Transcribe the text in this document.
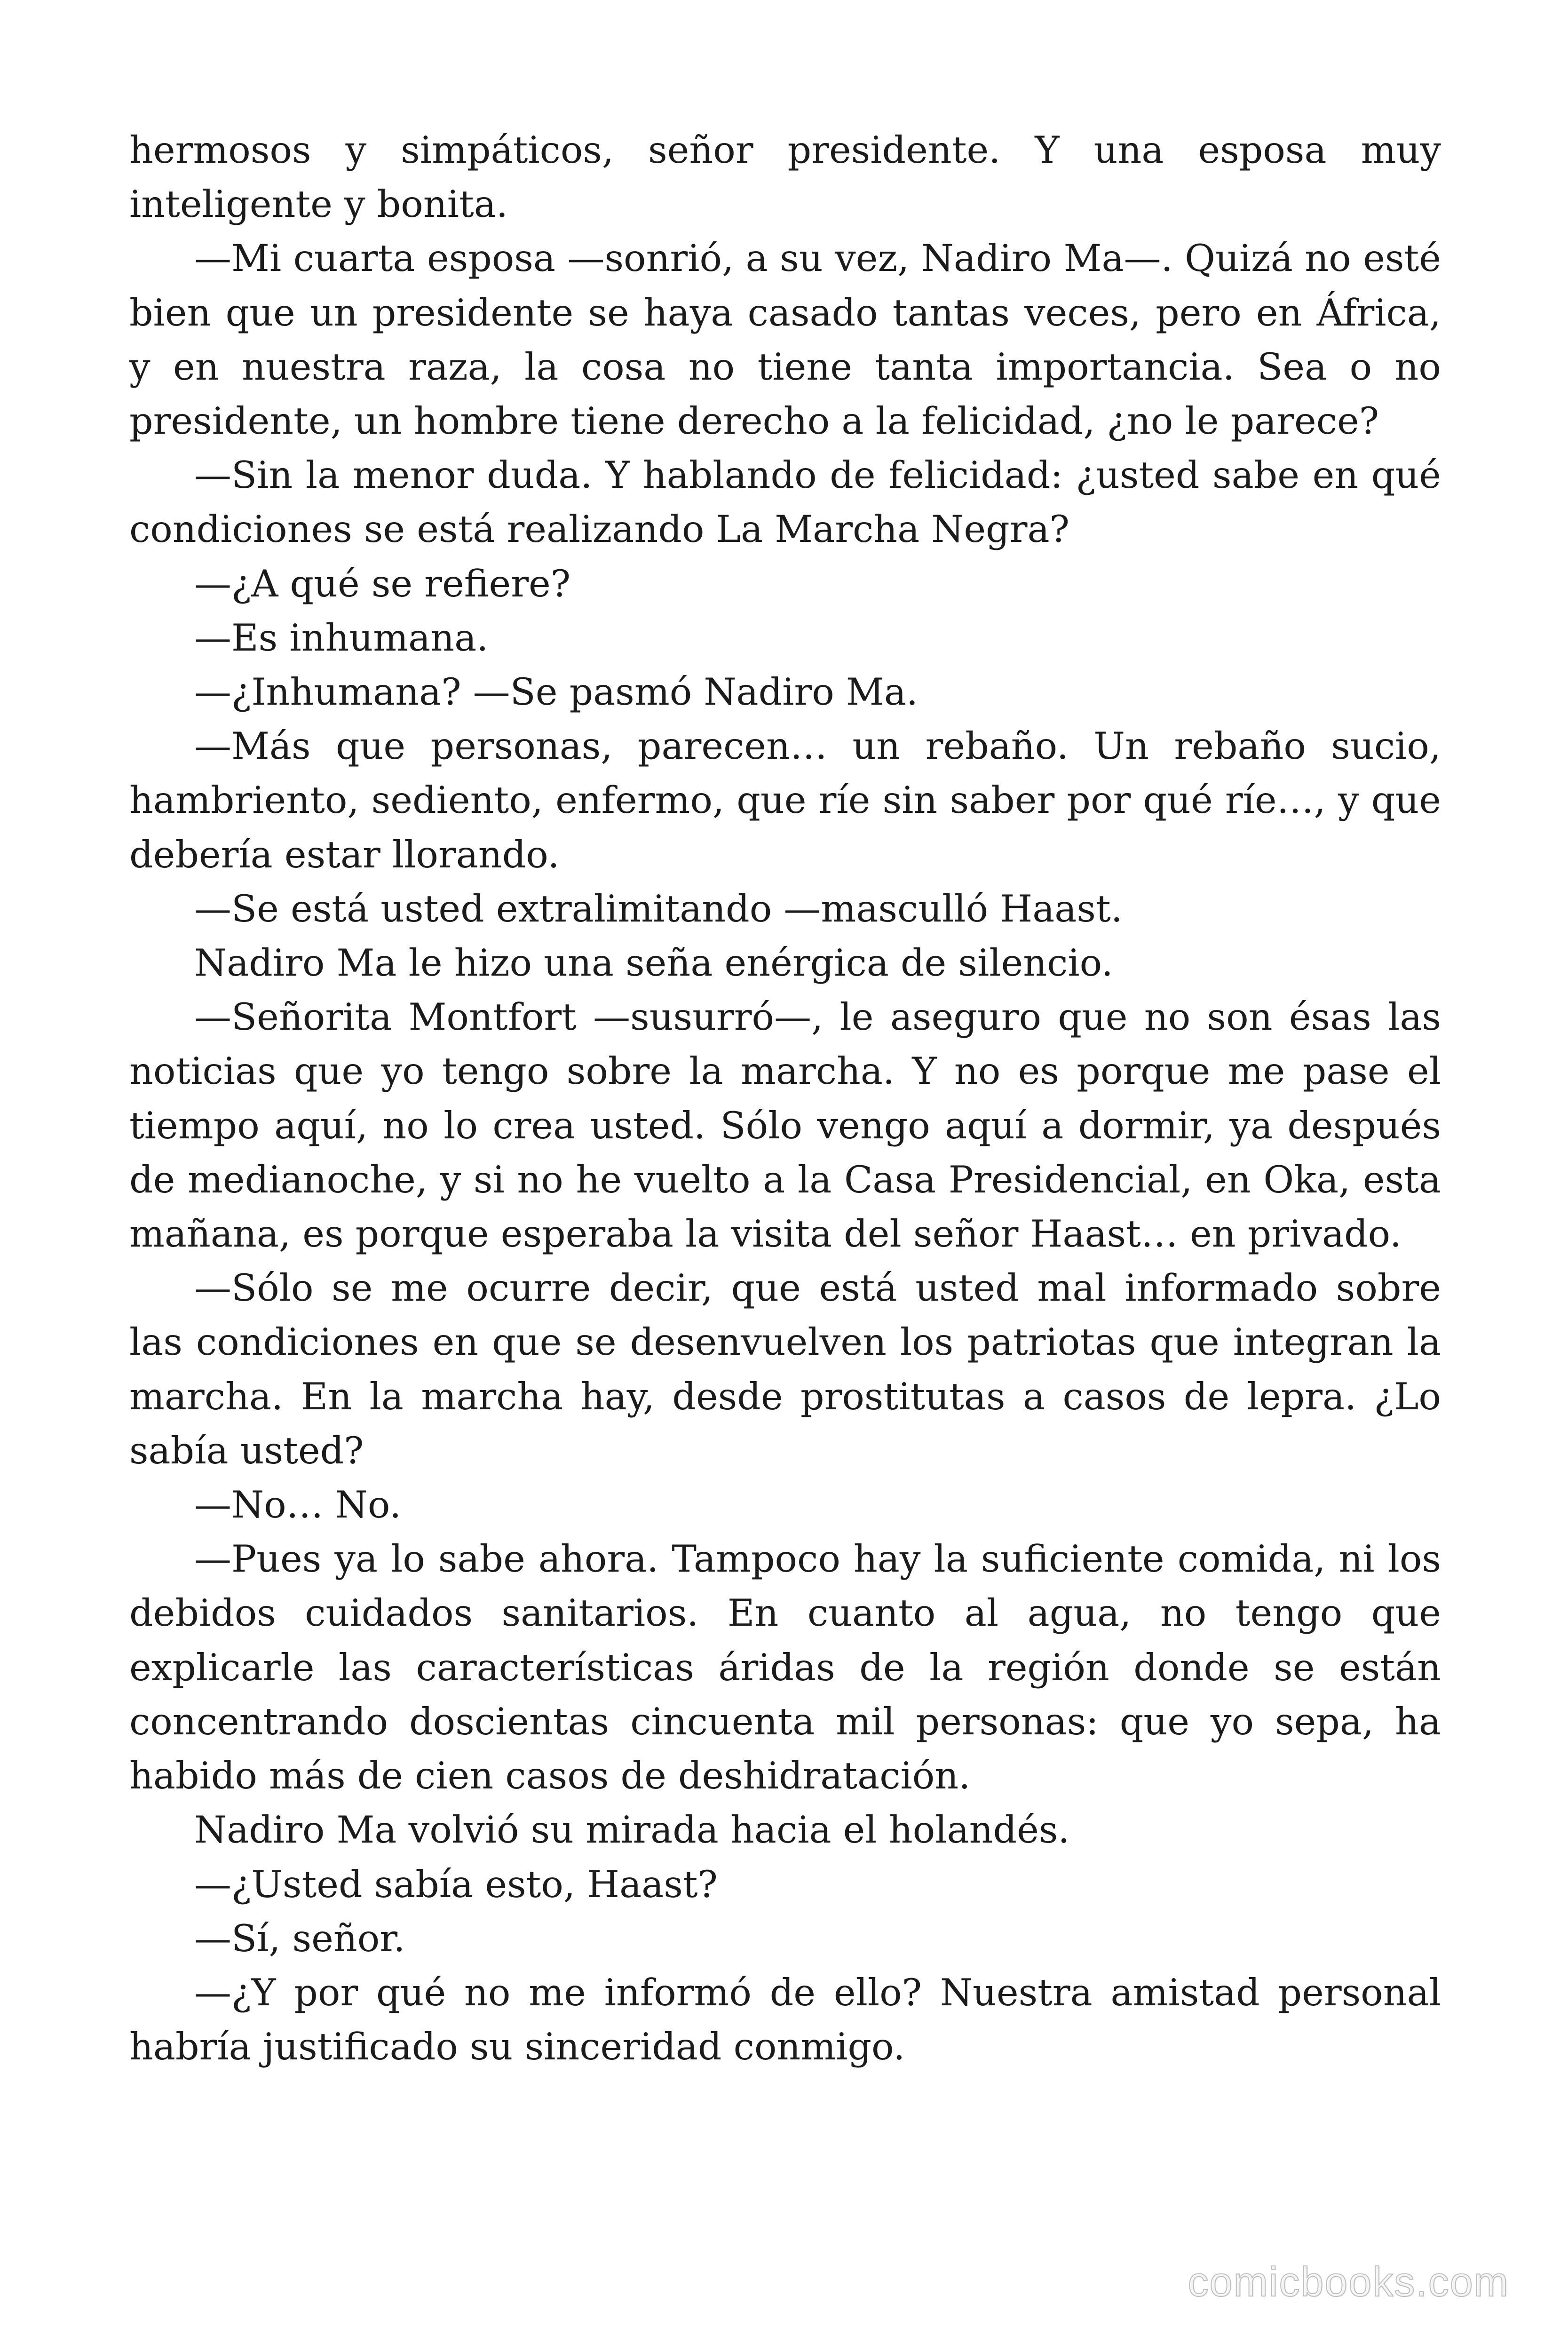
hermosos y simpáticos, señor presidente. Y una esposa muy inteligente y bonita.

—Mi cuarta esposa —sonrió, a su vez, Nadiro Ma—. Quizá no esté bien que un presidente se haya casado tantas veces, pero en África, y en nuestra raza, la cosa no tiene tanta importancia. Sea o no presidente, un hombre tiene derecho a la felicidad, ¿no le parece?

—Sin la menor duda. Y hablando de felicidad: ¿usted sabe en qué condiciones se está realizando La Marcha Negra?

—¿A qué se refiere?

—Es inhumana.

—¿Inhumana? —Se pasmó Nadiro Ma.

—Más que personas, parecen… un rebaño. Un rebaño sucio, hambriento, sediento, enfermo, que ríe sin saber por qué ríe…, y que debería estar llorando.

—Se está usted extralimitando —masculló Haast.

Nadiro Ma le hizo una seña enérgica de silencio.

—Señorita Montfort —susurró—, le aseguro que no son ésas las noticias que yo tengo sobre la marcha. Y no es porque me pase el tiempo aquí, no lo crea usted. Sólo vengo aquí a dormir, ya después de medianoche, y si no he vuelto a la Casa Presidencial, en Oka, esta mañana, es porque esperaba la visita del señor Haast… en privado.

—Sólo se me ocurre decir, que está usted mal informado sobre las condiciones en que se desenvuelven los patriotas que integran la marcha. En la marcha hay, desde prostitutas a casos de lepra. ¿Lo sabía usted?

—No… No.

—Pues ya lo sabe ahora. Tampoco hay la suficiente comida, ni los debidos cuidados sanitarios. En cuanto al agua, no tengo que explicarle las características áridas de la región donde se están concentrando doscientas cincuenta mil personas: que yo sepa, ha habido más de cien casos de deshidratación.

Nadiro Ma volvió su mirada hacia el holandés.

—¿Usted sabía esto, Haast?

—Sí, señor.

—¿Y por qué no me informó de ello? Nuestra amistad personal habría justificado su sinceridad conmigo.

comicbooks.com
